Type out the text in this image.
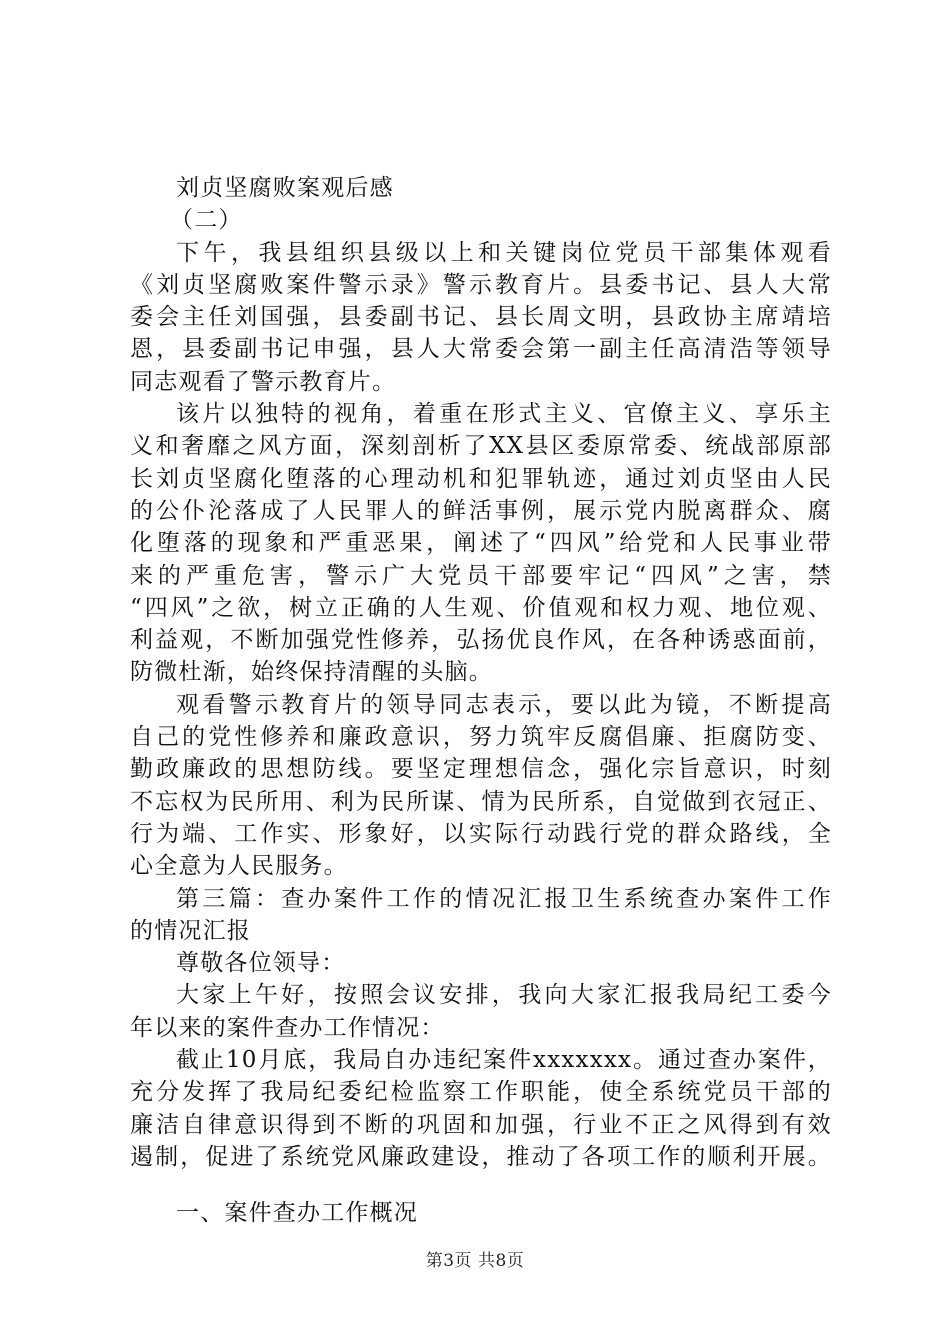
刘贞坚腐败案观后感
（二）
下午，我县组织县级以上和关键岗位党员干部集体观看
《刘贞坚腐败案件警示录》警示教育片。县委书记、县人大常
委会主任刘国强，县委副书记、县长周文明，县政协主席靖培
恩，县委副书记申强，县人大常委会第一副主任高清浩等领导
同志观看了警示教育片。
该片以独特的视角，着重在形式主义、官僚主义、享乐主
义和奢靡之风方面，深刻剖析了XX县区委原常委、统战部原部
长刘贞坚腐化堕落的心理动机和犯罪轨迹，通过刘贞坚由人民
的公仆沦落成了人民罪人的鲜活事例，展示党内脱离群众、腐
化堕落的现象和严重恶果，阐述了“四风”给党和人民事业带
来的严重危害，警示广大党员干部要牢记“四风”之害，禁
“四风”之欲，树立正确的人生观、价值观和权力观、地位观、
利益观，不断加强党性修养，弘扬优良作风，在各种诱惑面前，
防微杜渐，始终保持清醒的头脑。
观看警示教育片的领导同志表示，要以此为镜，不断提高
自己的党性修养和廉政意识，努力筑牢反腐倡廉、拒腐防变、
勤政廉政的思想防线。要坚定理想信念，强化宗旨意识，时刻
不忘权为民所用、利为民所谋、情为民所系，自觉做到衣冠正、
行为端、工作实、形象好，以实际行动践行党的群众路线，全
心全意为人民服务。
第三篇：查办案件工作的情况汇报卫生系统查办案件工作
的情况汇报
尊敬各位领导：
大家上午好，按照会议安排，我向大家汇报我局纪工委今
年以来的案件查办工作情况：
截止10月底，我局自办违纪案件xxxxxxx。通过查办案件，
充分发挥了我局纪委纪检监察工作职能，使全系统党员干部的
廉洁自律意识得到不断的巩固和加强，行业不正之风得到有效
遏制，促进了系统党风廉政建设，推动了各项工作的顺利开展。
一、案件查办工作概况
第3页 共8页
